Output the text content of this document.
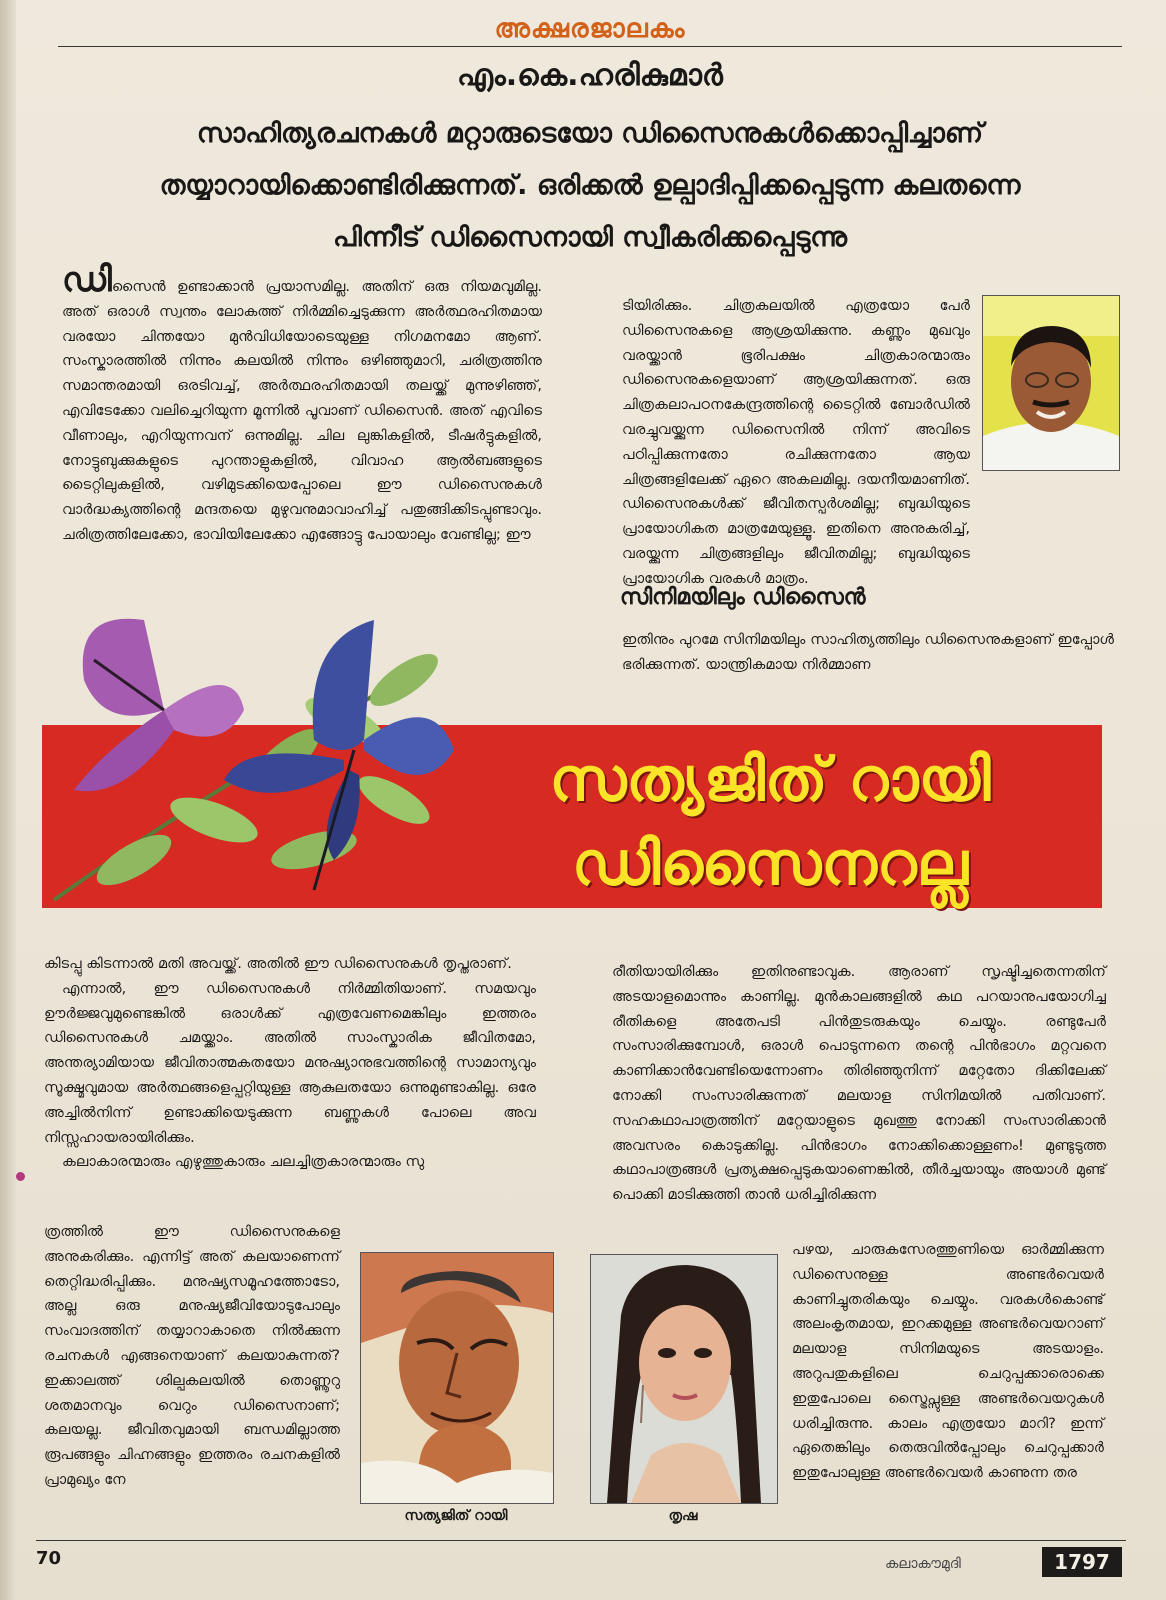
അക്ഷരജാലകം
എം.കെ.ഹരികുമാർ
സാഹിത്യരചനകൾ മറ്റാരുടെയോ ഡിസൈനുകൾക്കൊപ്പിച്ചാണ്
തയ്യാറായിക്കൊണ്ടിരിക്കുന്നത്. ഒരിക്കൽ ഉല്പാദിപ്പിക്കപ്പെടുന്ന കലതന്നെ
പിന്നീട് ഡിസൈനായി സ്വീകരിക്കപ്പെടുന്നു

ഡിസൈൻ ഉണ്ടാക്കാൻ പ്രയാസമില്ല. അതിന് ഒരു നിയമവുമില്ല. അത് ഒരാൾ സ്വന്തം ലോകത്ത് നിർമ്മിച്ചെടുക്കുന്ന അർത്ഥരഹിതമായ വരയോ ചിന്തയോ മുൻവിധിയോടെയുള്ള നിഗമനമോ ആണ്. സംസ്കാരത്തിൽ നിന്നും കലയിൽ നിന്നും ഒഴിഞ്ഞുമാറി, ചരിത്രത്തിനു സമാന്തരമായി ഒരടിവച്ച്, അർത്ഥരഹിതമായി തലയ്ക്ക് മുന്നുഴിഞ്ഞ്, എവിടേക്കോ വലിച്ചെറിയുന്ന മൂന്നിൽ പൂവാണ് ഡിസൈൻ. അത് എവിടെ വീണാലും, എറിയുന്നവന് ഒന്നുമില്ല. ചില ലുങ്കികളിൽ, ടീഷർട്ടുകളിൽ, നോട്ടുബുക്കുകളുടെ പുറന്താളുകളിൽ, വിവാഹ ആൽബങ്ങളുടെ ടൈറ്റിലുകളിൽ, വഴിമുടക്കിയെപ്പോലെ ഈ ഡിസൈനുകൾ വാർദ്ധക്യത്തിന്റെ മന്ദതയെ മുഴുവനുമാവാഹിച്ച് പതുങ്ങിക്കിടപ്പുണ്ടാവും. ചരിത്രത്തിലേക്കോ, ഭാവിയിലേക്കോ എങ്ങോട്ടു പോയാലും വേണ്ടില്ല; ഈ

ടിയിരിക്കും. ചിത്രകലയിൽ എത്രയോ പേർ ഡിസൈനുകളെ ആശ്രയിക്കുന്നു. കണ്ണും മുഖവും വരയ്ക്കാൻ ഭൂരിപക്ഷം ചിത്രകാരന്മാരും ഡിസൈനുകളെയാണ് ആശ്രയിക്കുന്നത്. ഒരു ചിത്രകലാപഠനകേന്ദ്രത്തിന്റെ ടൈറ്റിൽ ബോർഡിൽ വരച്ചുവയ്ക്കുന്ന ഡിസൈനിൽ നിന്ന് അവിടെ പഠിപ്പിക്കുന്നതോ രചിക്കുന്നതോ ആയ ചിത്രങ്ങളിലേക്ക് ഏറെ അകലമില്ല. ദയനീയമാണിത്. ഡിസൈനുകൾക്ക് ജീവിതസ്പർശമില്ല; ബുദ്ധിയുടെ പ്രായോഗികത മാത്രമേയുള്ളൂ. ഇതിനെ അനുകരിച്ച്, വരയ്ക്കുന്ന ചിത്രങ്ങളിലും ജീവിതമില്ല; ബുദ്ധിയുടെ പ്രായോഗിക വരകൾ മാത്രം.

സിനിമയിലും ഡിസൈൻ

ഇതിനും പുറമേ സിനിമയിലും സാഹിത്യത്തിലും ഡിസൈനുകളാണ് ഇപ്പോൾ ഭരിക്കുന്നത്. യാന്ത്രികമായ നിർമ്മാണ

സത്യജിത് റായി
ഡിസൈനറല്ല

കിടപ്പു കിടന്നാൽ മതി അവയ്ക്ക്. അതിൽ ഈ ഡിസൈനുകൾ തൃപ്തരാണ്.

എന്നാൽ, ഈ ഡിസൈനുകൾ നിർമ്മിതിയാണ്. സമയവും ഊർജ്ജവുമുണ്ടെങ്കിൽ ഒരാൾക്ക് എത്രവേണമെങ്കിലും ഇത്തരം ഡിസൈനുകൾ ചമയ്ക്കാം. അതിൽ സാംസ്കാരിക ജീവിതമോ, അന്തര്യാമിയായ ജീവിതാത്മകതയോ മനുഷ്യാനുഭവത്തിന്റെ സാമാന്യവും സൂക്ഷ്മവുമായ അർത്ഥങ്ങളെപ്പറ്റിയുള്ള ആകുലതയോ ഒന്നുമുണ്ടാകില്ല. ഒരേ അച്ചിൽനിന്ന് ഉണ്ടാക്കിയെടുക്കുന്ന ബണ്ണുകൾ പോലെ അവ നിസ്സഹായരായിരിക്കും.

കലാകാരന്മാരും എഴുത്തുകാരും ചലച്ചിത്രകാരന്മാരും സു

ത്രത്തിൽ ഈ ഡിസൈനുകളെ അനുകരിക്കും. എന്നിട്ട് അത് കലയാണെന്ന് തെറ്റിദ്ധരിപ്പിക്കും. മനുഷ്യസമൂഹത്തോടോ, അല്ല ഒരു മനുഷ്യജീവിയോടുപോലും സംവാദത്തിന് തയ്യാറാകാതെ നിൽക്കുന്ന രചനകൾ എങ്ങനെയാണ് കലയാകുന്നത്? ഇക്കാലത്ത് ശില്പകലയിൽ തൊണ്ണൂറു ശതമാനവും വെറും ഡിസൈനാണ്; കലയല്ല. ജീവിതവുമായി ബന്ധമില്ലാത്ത രൂപങ്ങളും ചിഹ്നങ്ങളും ഇത്തരം രചനകളിൽ പ്രാമുഖ്യം നേ

സത്യജിത് റായി	തൃഷ

രീതിയായിരിക്കും ഇതിനുണ്ടാവുക. ആരാണ് സൃഷ്ടിച്ചതെന്നതിന് അടയാളമൊന്നും കാണില്ല. മുൻകാലങ്ങളിൽ കഥ പറയാനുപയോഗിച്ച രീതികളെ അതേപടി പിൻതുടരുകയും ചെയ്യും. രണ്ടുപേർ സംസാരിക്കുമ്പോൾ, ഒരാൾ പൊടുന്നനെ തന്റെ പിൻഭാഗം മറ്റവനെ കാണിക്കാൻവേണ്ടിയെന്നോണം തിരിഞ്ഞുനിന്ന് മറ്റേതോ ദിക്കിലേക്ക് നോക്കി സംസാരിക്കുന്നത് മലയാള സിനിമയിൽ പതിവാണ്. സഹകഥാപാത്രത്തിന് മറ്റേയാളുടെ മുഖത്തു നോക്കി സംസാരിക്കാൻ അവസരം കൊടുക്കില്ല. പിൻഭാഗം നോക്കിക്കൊള്ളണം! മുണ്ടുടുത്ത കഥാപാത്രങ്ങൾ പ്രത്യക്ഷപ്പെടുകയാണെങ്കിൽ, തീർച്ചയായും അയാൾ മുണ്ട് പൊക്കി മാടിക്കുത്തി താൻ ധരിച്ചിരിക്കുന്ന

പഴയ, ചാരുകസേരത്തുണിയെ ഓർമ്മിക്കുന്ന ഡിസൈനുള്ള അണ്ടർവെയർ കാണിച്ചുതരികയും ചെയ്യും. വരകൾകൊണ്ട് അലംകൃതമായ, ഇറക്കമുള്ള അണ്ടർവെയറാണ് മലയാള സിനിമയുടെ അടയാളം. അറുപതുകളിലെ ചെറുപ്പക്കാരൊക്കെ ഇതുപോലെ സ്ട്രൈപ്സുള്ള അണ്ടർവെയറുകൾ ധരിച്ചിരുന്നു. കാലം എത്രയോ മാറി? ഇന്ന് ഏതെങ്കിലും തെരുവിൽപ്പോലും ചെറുപ്പക്കാർ ഇതുപോലുള്ള അണ്ടർവെയർ കാണുന്ന തര

70	കലാകൗമുദി	1797
